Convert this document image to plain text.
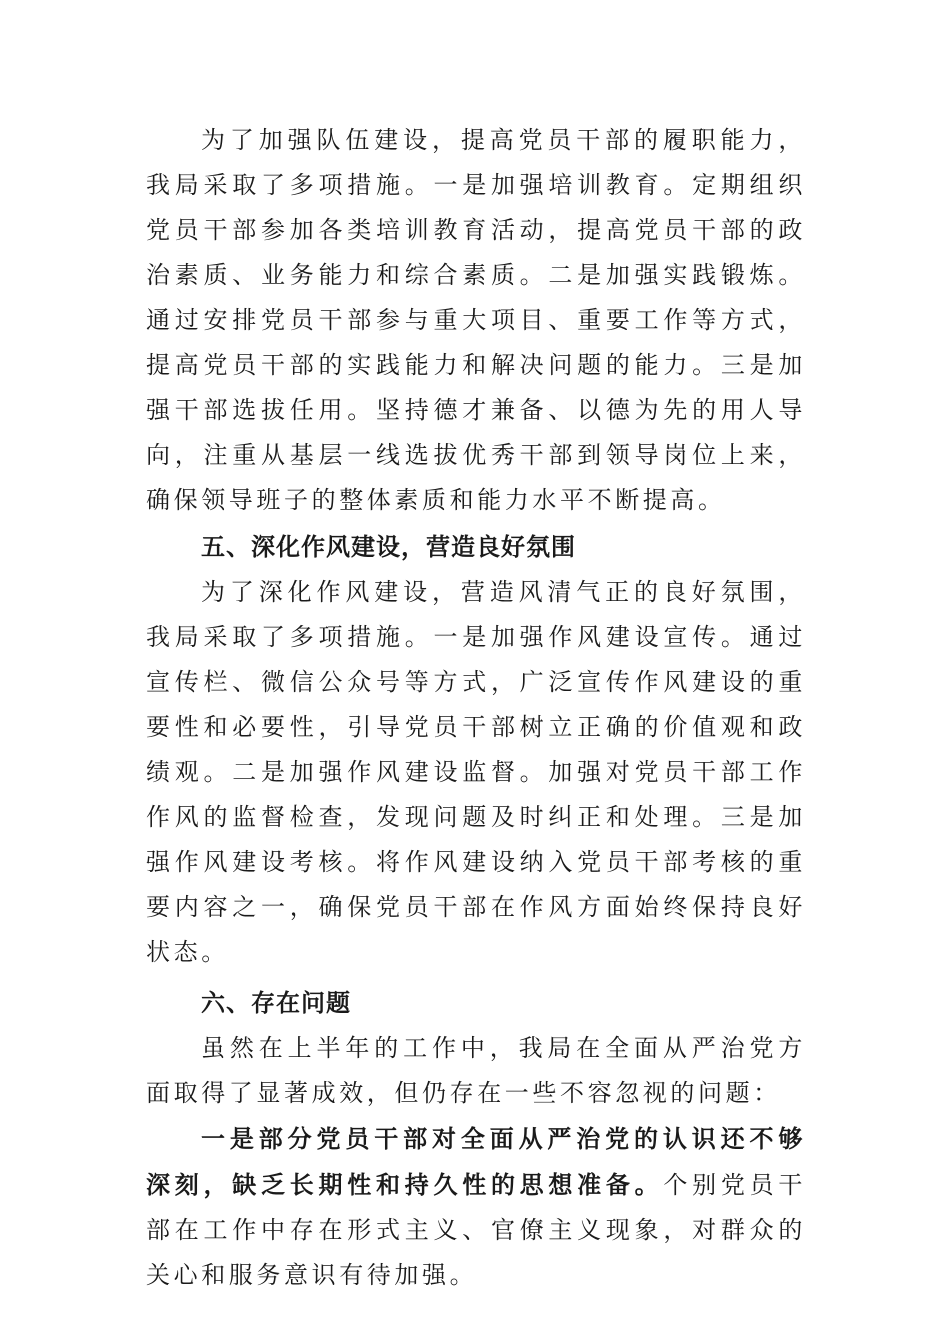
为了加强队伍建设，提高党员干部的履职能力，我局采取了多项措施。一是加强培训教育。定期组织党员干部参加各类培训教育活动，提高党员干部的政治素质、业务能力和综合素质。二是加强实践锻炼。通过安排党员干部参与重大项目、重要工作等方式，提高党员干部的实践能力和解决问题的能力。三是加强干部选拔任用。坚持德才兼备、以德为先的用人导向，注重从基层一线选拔优秀干部到领导岗位上来，确保领导班子的整体素质和能力水平不断提高。

五、深化作风建设，营造良好氛围

为了深化作风建设，营造风清气正的良好氛围，我局采取了多项措施。一是加强作风建设宣传。通过宣传栏、微信公众号等方式，广泛宣传作风建设的重要性和必要性，引导党员干部树立正确的价值观和政绩观。二是加强作风建设监督。加强对党员干部工作作风的监督检查，发现问题及时纠正和处理。三是加强作风建设考核。将作风建设纳入党员干部考核的重要内容之一，确保党员干部在作风方面始终保持良好状态。

六、存在问题

虽然在上半年的工作中，我局在全面从严治党方面取得了显著成效，但仍存在一些不容忽视的问题：

一是部分党员干部对全面从严治党的认识还不够深刻，缺乏长期性和持久性的思想准备。个别党员干部在工作中存在形式主义、官僚主义现象，对群众的关心和服务意识有待加强。
